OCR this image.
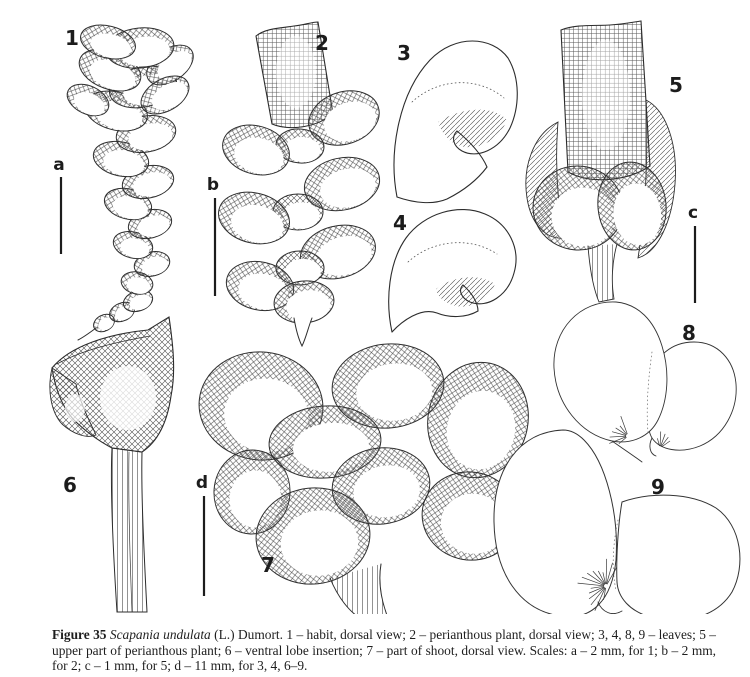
1	2	3
4
5
6
7
8
9
a
b
c
d

Figure 35 Scapania undulata (L.) Dumort. 1 – habit, dorsal view; 2 – perianthous plant, dorsal view; 3, 4, 8, 9 – leaves; 5 – upper part of perianthous plant; 6 – ventral lobe insertion; 7 – part of shoot, dorsal view. Scales: a – 2 mm, for 1; b – 2 mm, for 2; c – 1 mm, for 5; d – 11 mm, for 3, 4, 6–9.
